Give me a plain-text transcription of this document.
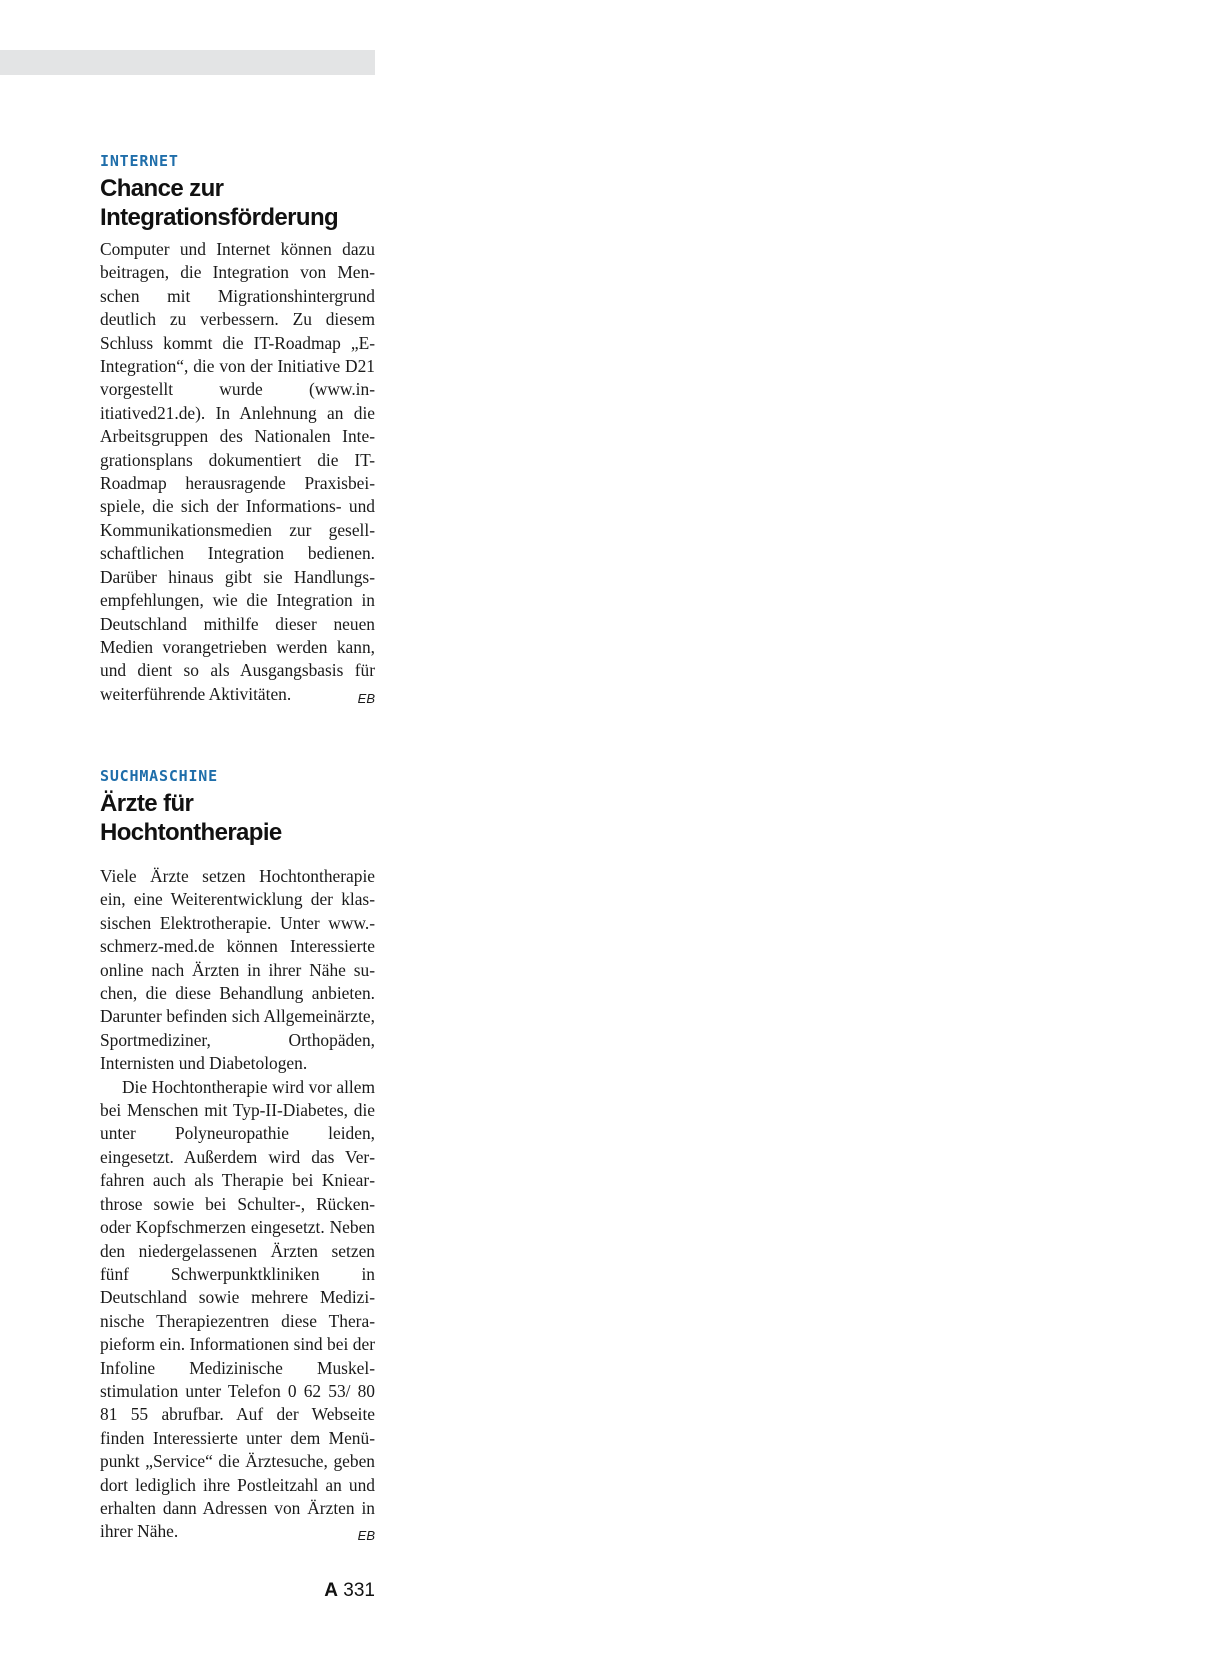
INTERNET
Chance zur
Integrationsförderung

Computer und Internet können dazu beitragen, die Integration von Menschen mit Migrationshintergrund deutlich zu verbessern. Zu diesem Schluss kommt die IT-Roadmap „E-Integration“, die von der Initiative D21 vorgestellt wurde (www.initiatived21.de). In Anlehnung an die Arbeitsgruppen des Nationalen Integrationsplans dokumentiert die IT-Roadmap herausragende Praxisbeispiele, die sich der Informations- und Kommunikationsmedien zur gesellschaftlichen Integration bedienen. Darüber hinaus gibt sie Handlungsempfehlungen, wie die Integration in Deutschland mithilfe dieser neuen Medien vorangetrieben werden kann, und dient so als Ausgangsbasis für weiterführende Aktivitäten.	EB

SUCHMASCHINE
Ärzte für
Hochtontherapie

Viele Ärzte setzen Hochtontherapie ein, eine Weiterentwicklung der klassischen Elektrotherapie. Unter www.schmerz-med.de können Interessierte online nach Ärzten in ihrer Nähe suchen, die diese Behandlung anbieten. Darunter befinden sich Allgemeinärzte, Sportmediziner, Orthopäden, Internisten und Diabetologen.

Die Hochtontherapie wird vor allem bei Menschen mit Typ-II-Diabetes, die unter Polyneuropathie leiden, eingesetzt. Außerdem wird das Verfahren auch als Therapie bei Kniearthrose sowie bei Schulter-, Rücken- oder Kopfschmerzen eingesetzt. Neben den niedergelassenen Ärzten setzen fünf Schwerpunktkliniken in Deutschland sowie mehrere Medizinische Therapiezentren diese Therapieform ein. Informationen sind bei der Infoline Medizinische Muskelstimulation unter Telefon 0 62 53/ 80 81 55 abrufbar. Auf der Webseite finden Interessierte unter dem Menüpunkt „Service“ die Ärztesuche, geben dort lediglich ihre Postleitzahl an und erhalten dann Adressen von Ärzten in ihrer Nähe.	EB

A 331
